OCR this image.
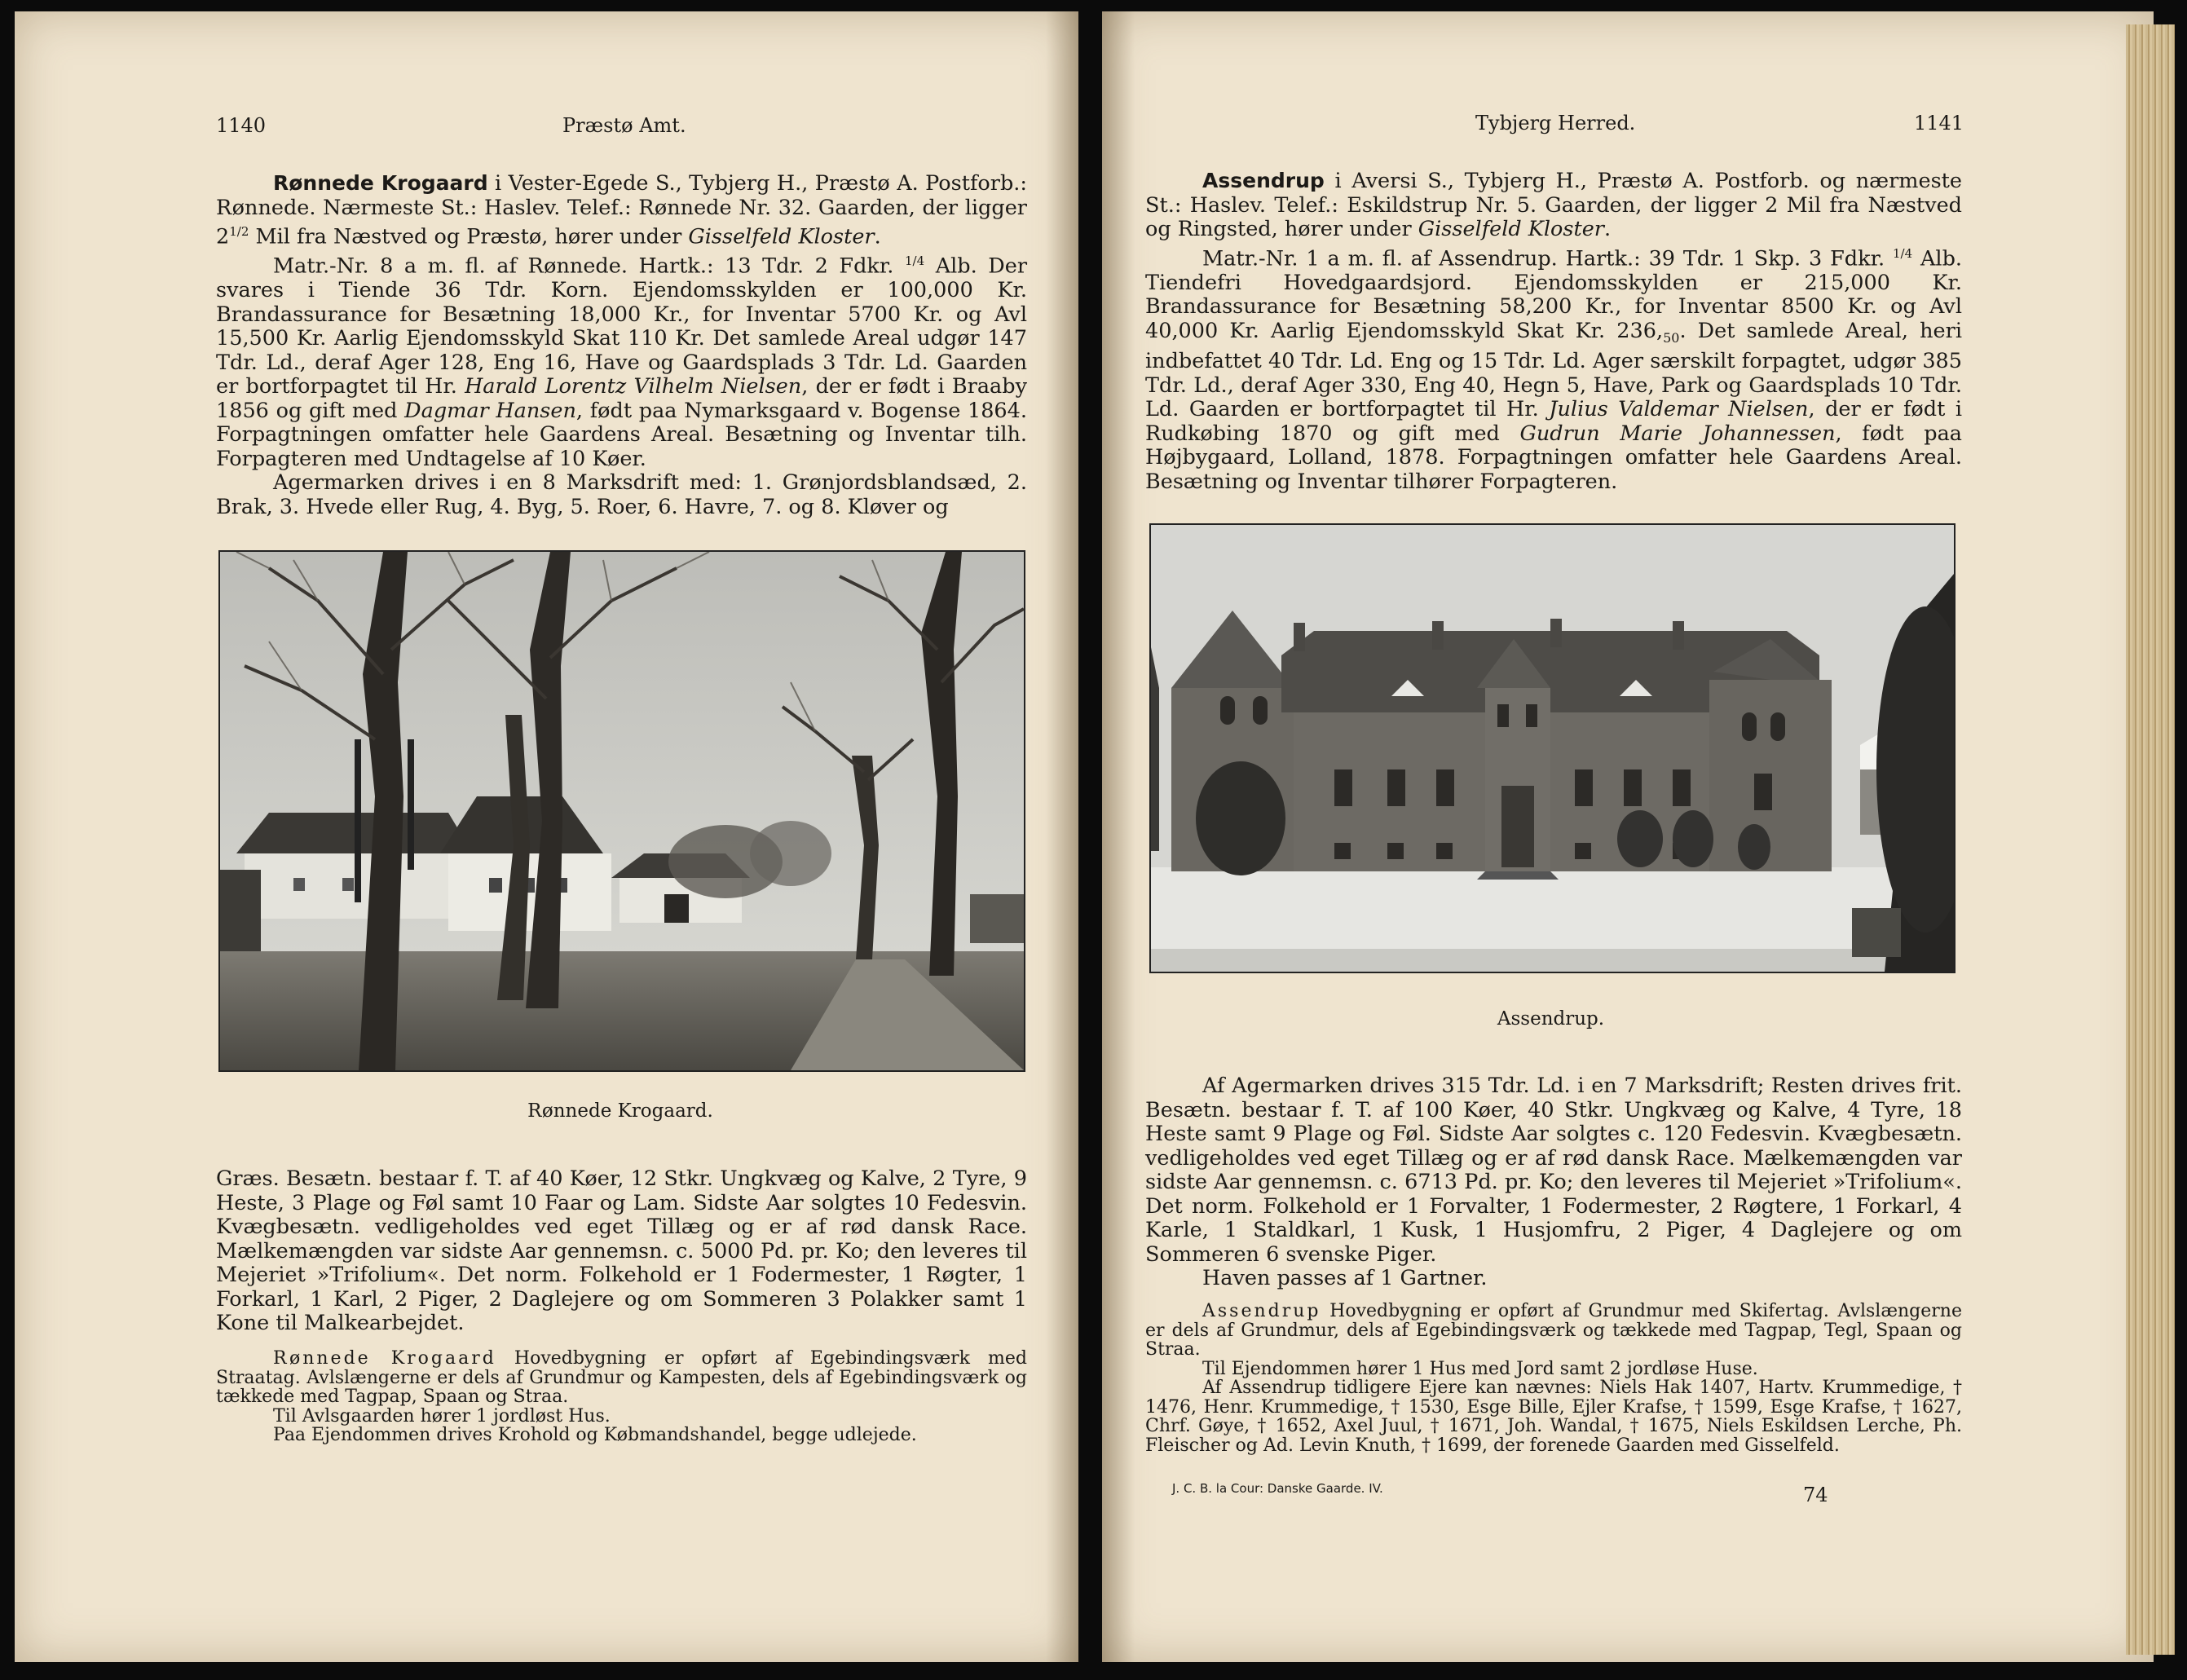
1140	Præstø Amt.

Rønnede Krogaard i Vester-Egede S., Tybjerg H., Præstø A. Postforb.: Rønnede. Nærmeste St.: Haslev. Telef.: Rønnede Nr. 32. Gaarden, der ligger $2^{1/2}$ Mil fra Næstved og Præstø, hører under Gisselfeld Kloster.

Matr.-Nr. 8 a m. fl. af Rønnede. Hartk.: 13 Tdr. 2 Fdkr. $^{1/4}$ Alb. Der svares i Tiende 36 Tdr. Korn. Ejendomsskylden er 100,000 Kr. Brandassurance for Besætning 18,000 Kr., for Inventar 5700 Kr. og Avl 15,500 Kr. Aarlig Ejendomsskyld Skat 110 Kr. Det samlede Areal udgør 147 Tdr. Ld., deraf Ager 128, Eng 16, Have og Gaardsplads 3 Tdr. Ld. Gaarden er bortforpagtet til Hr. Harald Lorentz Vilhelm Nielsen, der er født i Braaby 1856 og gift med Dagmar Hansen, født paa Nymarksgaard v. Bogense 1864. Forpagtningen omfatter hele Gaardens Areal. Besætning og Inventar tilh. Forpagteren med Undtagelse af 10 Køer.

Agermarken drives i en 8 Marksdrift med: 1. Grønjordsblandsæd, 2. Brak, 3. Hvede eller Rug, 4. Byg, 5. Roer, 6. Havre, 7. og 8. Kløver og

Rønnede Krogaard.

Græs. Besætn. bestaar f. T. af 40 Køer, 12 Stkr. Ungkvæg og Kalve, 2 Tyre, 9 Heste, 3 Plage og Føl samt 10 Faar og Lam. Sidste Aar solgtes 10 Fedesvin. Kvægbesætn. vedligeholdes ved eget Tillæg og er af rød dansk Race. Mælkemængden var sidste Aar gennemsn. c. 5000 Pd. pr. Ko; den leveres til Mejeriet »Trifolium«. Det norm. Folkehold er 1 Fodermester, 1 Røgter, 1 Forkarl, 1 Karl, 2 Piger, 2 Daglejere og om Sommeren 3 Polakker samt 1 Kone til Malkearbejdet.

Rønnede Krogaard Hovedbygning er opført af Egebindingsværk med Straatag. Avlslængerne er dels af Grundmur og Kampesten, dels af Egebindingsværk og tækkede med Tagpap, Spaan og Straa.

Til Avlsgaarden hører 1 jordløst Hus.

Paa Ejendommen drives Krohold og Købmandshandel, begge udlejede.

Tybjerg Herred.	1141

Assendrup i Aversi S., Tybjerg H., Præstø A. Postforb. og nærmeste St.: Haslev. Telef.: Eskildstrup Nr. 5. Gaarden, der ligger 2 Mil fra Næstved og Ringsted, hører under Gisselfeld Kloster.

Matr.-Nr. 1 a m. fl. af Assendrup. Hartk.: 39 Tdr. 1 Skp. 3 Fdkr. $^{1/4}$ Alb. Tiendefri Hovedgaardsjord. Ejendomsskylden er 215,000 Kr. Brandassurance for Besætning 58,200 Kr., for Inventar 8500 Kr. og Avl 40,000 Kr. Aarlig Ejendomsskyld Skat Kr. $236,_{50}$. Det samlede Areal, heri indbefattet 40 Tdr. Ld. Eng og 15 Tdr. Ld. Ager særskilt forpagtet, udgør 385 Tdr. Ld., deraf Ager 330, Eng 40, Hegn 5, Have, Park og Gaardsplads 10 Tdr. Ld. Gaarden er bortforpagtet til Hr. Julius Valdemar Nielsen, der er født i Rudkøbing 1870 og gift med Gudrun Marie Johannessen, født paa Højbygaard, Lolland, 1878. Forpagtningen omfatter hele Gaardens Areal. Besætning og Inventar tilhører Forpagteren.

Assendrup.

Af Agermarken drives 315 Tdr. Ld. i en 7 Marksdrift; Resten drives frit. Besætn. bestaar f. T. af 100 Køer, 40 Stkr. Ungkvæg og Kalve, 4 Tyre, 18 Heste samt 9 Plage og Føl. Sidste Aar solgtes c. 120 Fedesvin. Kvægbesætn. vedligeholdes ved eget Tillæg og er af rød dansk Race. Mælkemængden var sidste Aar gennemsn. c. 6713 Pd. pr. Ko; den leveres til Mejeriet »Trifolium«. Det norm. Folkehold er 1 Forvalter, 1 Fodermester, 2 Røgtere, 1 Forkarl, 4 Karle, 1 Staldkarl, 1 Kusk, 1 Husjomfru, 2 Piger, 4 Daglejere og om Sommeren 6 svenske Piger.

Haven passes af 1 Gartner.

Assendrup Hovedbygning er opført af Grundmur med Skifertag. Avlslængerne er dels af Grundmur, dels af Egebindingsværk og tækkede med Tagpap, Tegl, Spaan og Straa.

Til Ejendommen hører 1 Hus med Jord samt 2 jordløse Huse.

Af Assendrup tidligere Ejere kan nævnes: Niels Hak 1407, Hartv. Krummedige, † 1476, Henr. Krummedige, † 1530, Esge Bille, Ejler Krafse, † 1599, Esge Krafse, † 1627, Chrf. Gøye, † 1652, Axel Juul, † 1671, Joh. Wandal, † 1675, Niels Eskildsen Lerche, Ph. Fleischer og Ad. Levin Knuth, † 1699, der forenede Gaarden med Gisselfeld.

J. C. B. la Cour: Danske Gaarde. IV.	74
